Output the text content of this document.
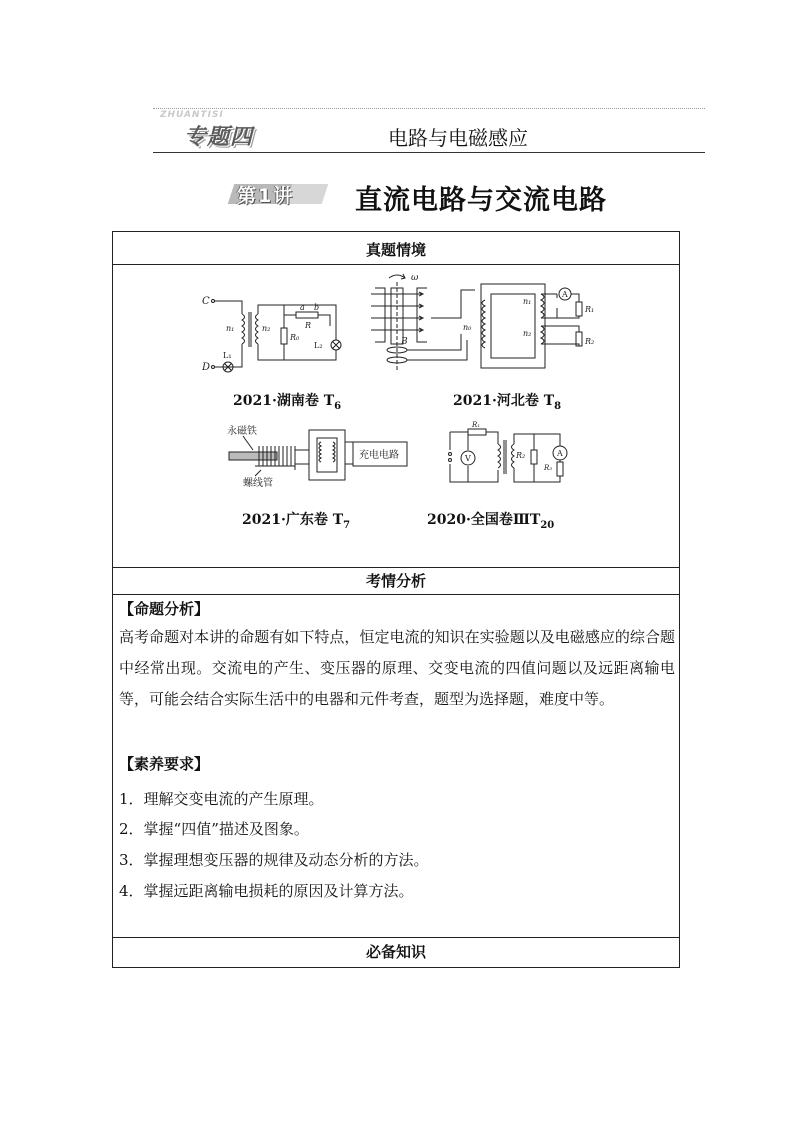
ZHUANTISI
专题四	电路与电磁感应
第1讲 直流电路与交流电路
真题情境
C
D
L₁
n₁	n₂
a b
R
R₀
L₂
2021·湖南卷 $T_6$
ω
B
n₀
n₁
n₂
A
R₁
R₂
2021·河北卷 $T_8$
永磁铁
螺线管
充电电路
2021·广东卷 $T_7$
R₁
V	R₂	A
R₃
2020·全国卷$ⅢT_{20}$
考情分析
【命题分析】
高考命题对本讲的命题有如下特点，恒定电流的知识在实验题以及电磁感应的综合题中经常出现。交流电的产生、变压器的原理、交变电流的四值问题以及远距离输电等，可能会结合实际生活中的电器和元件考查，题型为选择题，难度中等。
【素养要求】
1．理解交变电流的产生原理。
2．掌握“四值”描述及图象。
3．掌握理想变压器的规律及动态分析的方法。
4．掌握远距离输电损耗的原因及计算方法。
必备知识
